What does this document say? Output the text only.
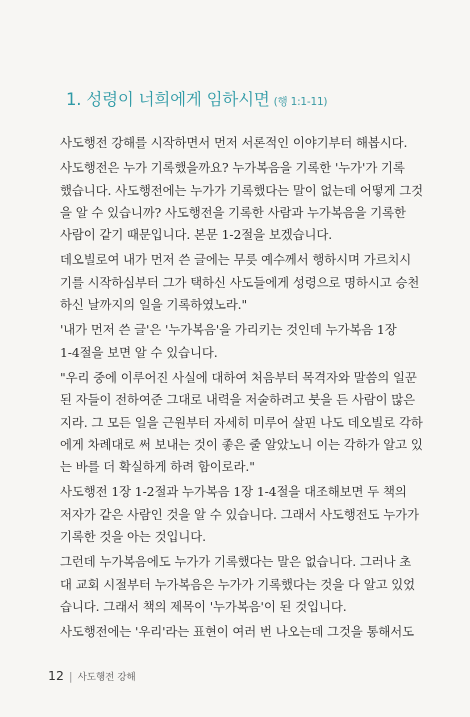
1. 성령이 너희에게 임하시면 (행 1:1-11)

사도행전 강해를 시작하면서 먼저 서론적인 이야기부터 해봅시다.

사도행전은 누가 기록했을까요? 누가복음을 기록한 '누가'가 기록
했습니다. 사도행전에는 누가가 기록했다는 말이 없는데 어떻게 그것
을 알 수 있습니까? 사도행전을 기록한 사람과 누가복음을 기록한
사람이 같기 때문입니다. 본문 1-2절을 보겠습니다.

데오빌로여 내가 먼저 쓴 글에는 무릇 예수께서 행하시며 가르치시
기를 시작하심부터 그가 택하신 사도들에게 성령으로 명하시고 승천
하신 날까지의 일을 기록하였노라."

'내가 먼저 쓴 글'은 '누가복음'을 가리키는 것인데 누가복음 1장
1-4절을 보면 알 수 있습니다.

"우리 중에 이루어진 사실에 대하여 처음부터 목격자와 말씀의 일꾼
된 자들이 전하여준 그대로 내력을 저술하려고 붓을 든 사람이 많은
지라. 그 모든 일을 근원부터 자세히 미루어 살핀 나도 데오빌로 각하
에게 차례대로 써 보내는 것이 좋은 줄 알았노니 이는 각하가 알고 있
는 바를 더 확실하게 하려 함이로라."

사도행전 1장 1-2절과 누가복음 1장 1-4절을 대조해보면 두 책의
저자가 같은 사람인 것을 알 수 있습니다. 그래서 사도행전도 누가가
기록한 것을 아는 것입니다.

그런데 누가복음에도 누가가 기록했다는 말은 없습니다. 그러나 초
대 교회 시절부터 누가복음은 누가가 기록했다는 것을 다 알고 있었
습니다. 그래서 책의 제목이 '누가복음'이 된 것입니다.

사도행전에는 '우리'라는 표현이 여러 번 나오는데 그것을 통해서도

12 | 사도행전 강해
